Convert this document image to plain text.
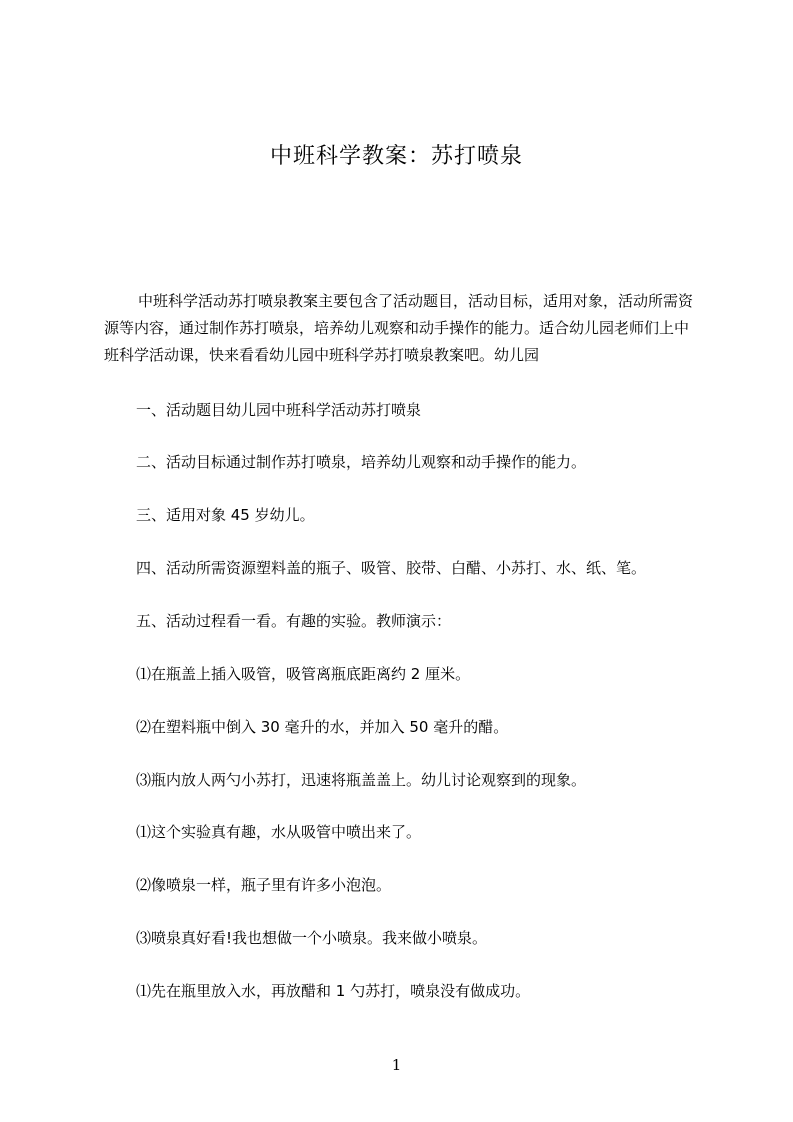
中班科学教案：苏打喷泉

中班科学活动苏打喷泉教案主要包含了活动题目，活动目标，适用对象，活动所需资源等内容，通过制作苏打喷泉，培养幼儿观察和动手操作的能力。适合幼儿园老师们上中班科学活动课，快来看看幼儿园中班科学苏打喷泉教案吧。幼儿园

一、活动题目幼儿园中班科学活动苏打喷泉

二、活动目标通过制作苏打喷泉，培养幼儿观察和动手操作的能力。

三、适用对象 45 岁幼儿。

四、活动所需资源塑料盖的瓶子、吸管、胶带、白醋、小苏打、水、纸、笔。

五、活动过程看一看。有趣的实验。教师演示：

⑴在瓶盖上插入吸管，吸管离瓶底距离约 2 厘米。

⑵在塑料瓶中倒入 30 毫升的水，并加入 50 毫升的醋。

⑶瓶内放人两勺小苏打，迅速将瓶盖盖上。幼儿讨论观察到的现象。

⑴这个实验真有趣，水从吸管中喷出来了。

⑵像喷泉一样，瓶子里有许多小泡泡。

⑶喷泉真好看!我也想做一个小喷泉。我来做小喷泉。

⑴先在瓶里放入水，再放醋和 1 勺苏打，喷泉没有做成功。

1
